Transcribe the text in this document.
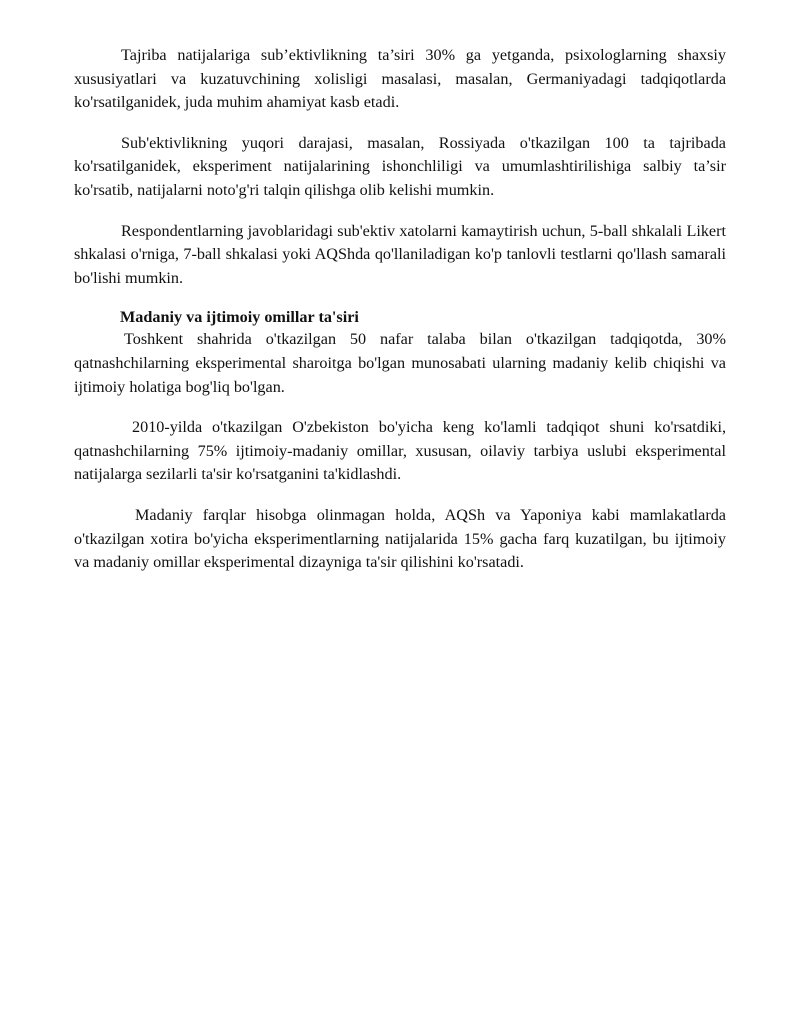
Tajriba natijalariga sub’ektivlikning ta’siri 30% ga yetganda, psixologlarning shaxsiy xususiyatlari va kuzatuvchining xolisligi masalasi, masalan, Germaniyadagi tadqiqotlarda ko'rsatilganidek, juda muhim ahamiyat kasb etadi.

Sub'ektivlikning yuqori darajasi, masalan, Rossiyada o'tkazilgan 100 ta tajribada ko'rsatilganidek, eksperiment natijalarining ishonchliligi va umumlashtirilishiga salbiy ta’sir ko'rsatib, natijalarni noto'g'ri talqin qilishga olib kelishi mumkin.

Respondentlarning javoblaridagi sub'ektiv xatolarni kamaytirish uchun, 5-ball shkalali Likert shkalasi o'rniga, 7-ball shkalasi yoki AQShda qo'llaniladigan ko'p tanlovli testlarni qo'llash samarali bo'lishi mumkin.

Madaniy va ijtimoiy omillar ta'siri

Toshkent shahrida o'tkazilgan 50 nafar talaba bilan o'tkazilgan tadqiqotda, 30% qatnashchilarning eksperimental sharoitga bo'lgan munosabati ularning madaniy kelib chiqishi va ijtimoiy holatiga bog'liq bo'lgan.

2010-yilda o'tkazilgan O'zbekiston bo'yicha keng ko'lamli tadqiqot shuni ko'rsatdiki, qatnashchilarning 75% ijtimoiy-madaniy omillar, xususan, oilaviy tarbiya uslubi eksperimental natijalarga sezilarli ta'sir ko'rsatganini ta'kidlashdi.

Madaniy farqlar hisobga olinmagan holda, AQSh va Yaponiya kabi mamlakatlarda o'tkazilgan xotira bo'yicha eksperimentlarning natijalarida 15% gacha farq kuzatilgan, bu ijtimoiy va madaniy omillar eksperimental dizayniga ta'sir qilishini ko'rsatadi.
